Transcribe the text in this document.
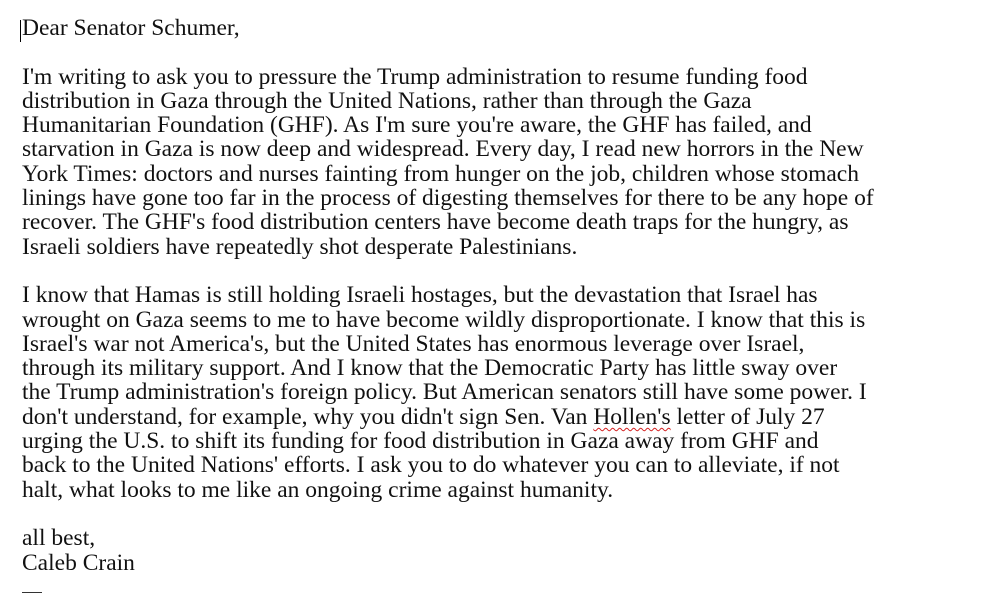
Dear Senator Schumer,
I'm writing to ask you to pressure the Trump administration to resume funding food
distribution in Gaza through the United Nations, rather than through the Gaza
Humanitarian Foundation (GHF). As I'm sure you're aware, the GHF has failed, and
starvation in Gaza is now deep and widespread. Every day, I read new horrors in the New
York Times: doctors and nurses fainting from hunger on the job, children whose stomach
linings have gone too far in the process of digesting themselves for there to be any hope of
recover. The GHF's food distribution centers have become death traps for the hungry, as
Israeli soldiers have repeatedly shot desperate Palestinians.
I know that Hamas is still holding Israeli hostages, but the devastation that Israel has
wrought on Gaza seems to me to have become wildly disproportionate. I know that this is
Israel's war not America's, but the United States has enormous leverage over Israel,
through its military support. And I know that the Democratic Party has little sway over
the Trump administration's foreign policy. But American senators still have some power. I
don't understand, for example, why you didn't sign Sen. Van Hollen's letter of July 27
urging the U.S. to shift its funding for food distribution in Gaza away from GHF and
back to the United Nations' efforts. I ask you to do whatever you can to alleviate, if not
halt, what looks to me like an ongoing crime against humanity.
all best,
Caleb Crain
